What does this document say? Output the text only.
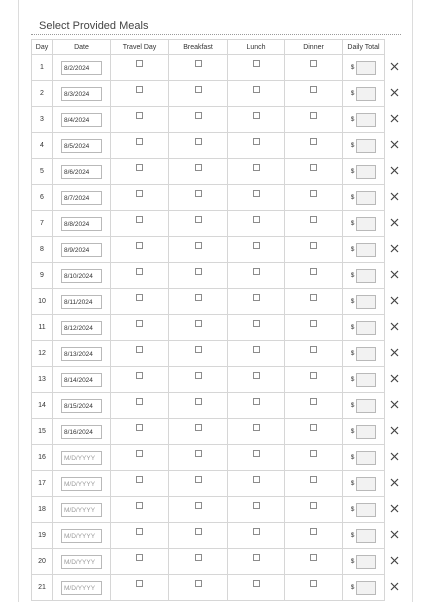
Select Provided Meals
Day	Date	Travel Day	Breakfast	Lunch	Dinner	Daily Total	
1	8/2/2024					$	

2	8/3/2024					$	

3	8/4/2024					$	

4	8/5/2024					$	

5	8/6/2024					$	

6	8/7/2024					$	

7	8/8/2024					$	

8	8/9/2024					$	

9	8/10/2024					$	

10	8/11/2024					$	

11	8/12/2024					$	

12	8/13/2024					$	

13	8/14/2024					$	

14	8/15/2024					$	

15	8/16/2024					$	

16	M/D/YYYY					$	

17	M/D/YYYY					$	

18	M/D/YYYY					$	

19	M/D/YYYY					$	

20	M/D/YYYY					$	

21	M/D/YYYY					$	
